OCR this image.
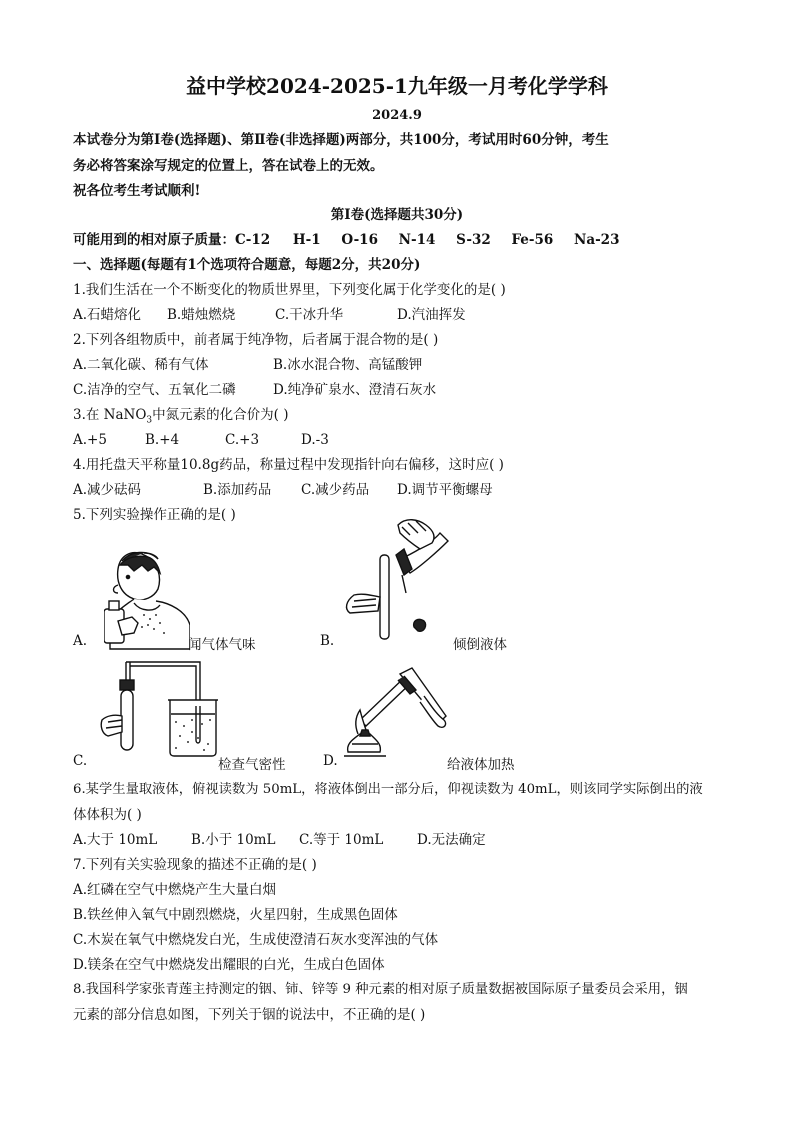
益中学校2024-2025-1九年级一月考化学学科
2024.9
本试卷分为第Ⅰ卷(选择题)、第Ⅱ卷(非选择题)两部分，共100分，考试用时60分钟，考生
务必将答案涂写规定的位置上，答在试卷上的无效。
祝各位考生考试顺利!
第Ⅰ卷(选择题共30分)
可能用到的相对原子质量：C-12 H-1 O-16 N-14 S-32 Fe-56 Na-23
一、选择题(每题有1个选项符合题意，每题2分，共20分)
1.我们生活在一个不断变化的物质世界里，下列变化属于化学变化的是( )
A.石蜡熔化 B.蜡烛燃烧	C.干冰升华	D.汽油挥发
2.下列各组物质中，前者属于纯净物，后者属于混合物的是( )
A.二氧化碳、稀有气体	B.冰水混合物、高锰酸钾
C.洁净的空气、五氧化二磷	D.纯净矿泉水、澄清石灰水
3.在 NaNO$_3$中氮元素的化合价为( )
A.+5	B.+4	C.+3	D.-3
4.用托盘天平称量10.8g药品，称量过程中发现指针向右偏移，这时应( )
A.减少砝码	B.添加药品 C.减少药品 D.调节平衡螺母
5.下列实验操作正确的是( )
A.	闻气体气味	B.	倾倒液体
C.	检查气密性	D.	给液体加热
6.某学生量取液体，俯视读数为 50mL，将液体倒出一部分后，仰视读数为 40mL，则该同学实际倒出的液
体体积为( )
A.大于 10mL B.小于 10mL C.等于 10mL D.无法确定
7.下列有关实验现象的描述不正确的是( )
A.红磷在空气中燃烧产生大量白烟
B.铁丝伸入氧气中剧烈燃烧，火星四射，生成黑色固体
C.木炭在氧气中燃烧发白光，生成使澄清石灰水变浑浊的气体
D.镁条在空气中燃烧发出耀眼的白光，生成白色固体
8.我国科学家张青莲主持测定的铟、铈、锌等 9 种元素的相对原子质量数据被国际原子量委员会采用，铟
元素的部分信息如图，下列关于铟的说法中，不正确的是( )
